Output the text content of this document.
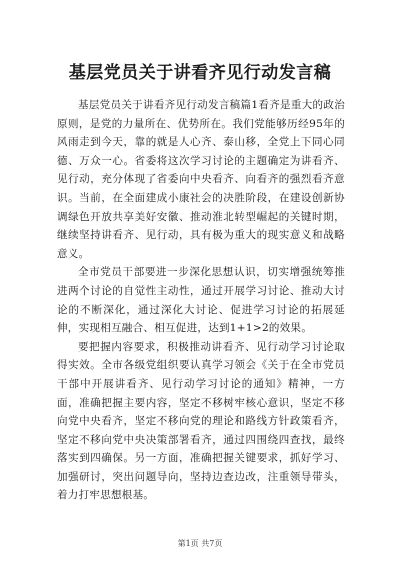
基层党员关于讲看齐见行动发言稿

基层党员关于讲看齐见行动发言稿篇1看齐是重大的政治原则，是党的力量所在、优势所在。我们党能够历经95年的风雨走到今天，靠的就是人心齐、泰山移，全党上下同心同德、万众一心。省委将这次学习讨论的主题确定为讲看齐、见行动，充分体现了省委向中央看齐、向看齐的强烈看齐意识。当前，在全面建成小康社会的决胜阶段，在建设创新协调绿色开放共享美好安徽、推动淮北转型崛起的关键时期，继续坚持讲看齐、见行动，具有极为重大的现实意义和战略意义。

全市党员干部要进一步深化思想认识，切实增强统筹推进两个讨论的自觉性主动性，通过开展学习讨论、推动大讨论的不断深化，通过深化大讨论、促进学习讨论的拓展延伸，实现相互融合、相互促进，达到1+1>2的效果。

要把握内容要求，积极推动讲看齐、见行动学习讨论取得实效。全市各级党组织要认真学习领会《关于在全市党员干部中开展讲看齐、见行动学习讨论的通知》精神，一方面，准确把握主要内容，坚定不移树牢核心意识，坚定不移向党中央看齐，坚定不移向党的理论和路线方针政策看齐，坚定不移向党中央决策部署看齐，通过四围绕四查找，最终落实到四确保。另一方面，准确把握关键要求，抓好学习、加强研讨，突出问题导向，坚持边查边改，注重领导带头，着力打牢思想根基。

第1页 共7页
